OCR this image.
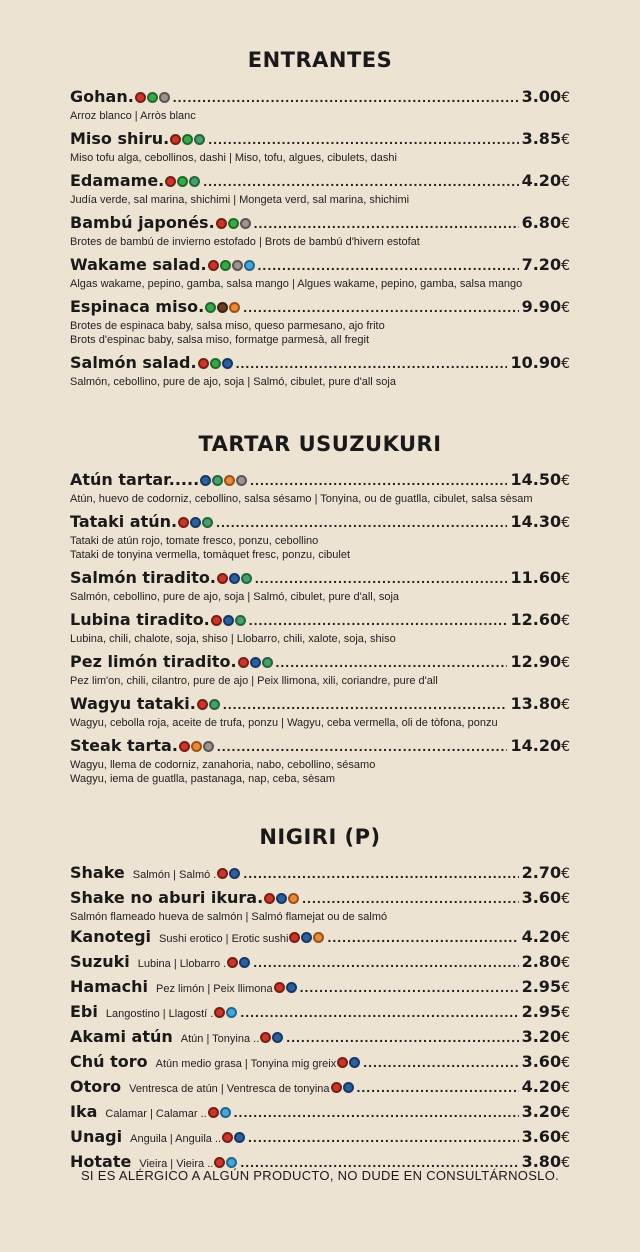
ENTRANTES
Gohan. .....	3.00€
Arroz blanco | Arròs blanc
Miso shiru. .....	3.85€
Miso tofu alga, cebollinos, dashi | Miso, tofu, algues, cibulets, dashi
Edamame. .....	4.20€
Judía verde, sal marina, shichimi | Mongeta verd, sal marina, shichimi
Bambú japonés. .....	6.80€
Brotes de bambú de invierno estofado | Brots de bambú d'hivern estofat
Wakame salad. .....	7.20€
Algas wakame, pepino, gamba, salsa mango | Algues wakame, pepino, gamba, salsa mango
Espinaca miso. .....	9.90€
Brotes de espinaca baby, salsa miso, queso parmesano, ajo frito
Brots d'espinac baby, salsa miso, formatge parmesà, all fregit
Salmón salad. .....	10.90€
Salmón, cebollino, pure de ajo, soja | Salmó, cibulet, pure d'all soja
TARTAR USUZUKURI
Atún tartar..... .....	14.50€
Atún, huevo de codorniz, cebollino, salsa sésamo | Tonyina, ou de guatlla, cibulet, salsa sèsam
Tataki atún. .....	14.30€
Tataki de atún rojo, tomate fresco, ponzu, cebollino
Tataki de tonyina vermella, tomàquet fresc, ponzu, cibulet
Salmón tiradito. .....	11.60€
Salmón, cebollino, pure de ajo, soja | Salmó, cibulet, pure d'all, soja
Lubina tiradito. .....	12.60€
Lubina, chili, chalote, soja, shiso | Llobarro, chili, xalote, soja, shiso
Pez limón tiradito. .....	12.90€
Pez lim'on, chili, cilantro, pure de ajo | Peix llimona, xili, coriandre, pure d'all
Wagyu tataki. .....	13.80€
Wagyu, cebolla roja, aceite de trufa, ponzu | Wagyu, ceba vermella, oli de tòfona, ponzu
Steak tarta. .....	14.20€
Wagyu, llema de codorniz, zanahoria, nabo, cebollino, sésamo
Wagyu, iema de guatlla, pastanaga, nap, ceba, sèsam
NIGIRI (P)
Shake Salmón | Salmó . .....	2.70€
Shake no aburi ikura. .....	3.60€
Salmón flameado hueva de salmón | Salmó flamejat ou de salmó
Kanotegi Sushi erotico | Erotic sushi .....	4.20€
Suzuki Lubina | Llobarro . .....	2.80€
Hamachi Pez limón | Peix llimona .....	2.95€
Ebi Langostino | Llagostí . .....	2.95€
Akami atún Atún | Tonyina .. .....	3.20€
Chú toro Atún medio grasa | Tonyina mig greix .....	3.60€
Otoro Ventresca de atún | Ventresca de tonyina .....	4.20€
Ika Calamar | Calamar .. .....	3.20€
Unagi Anguila | Anguila .. .....	3.60€
Hotate Vieira | Vieira .. .....	3.80€
SI ES ALÉRGICO A ALGÚN PRODUCTO, NO DUDE EN CONSULTÁRNOSLO.
